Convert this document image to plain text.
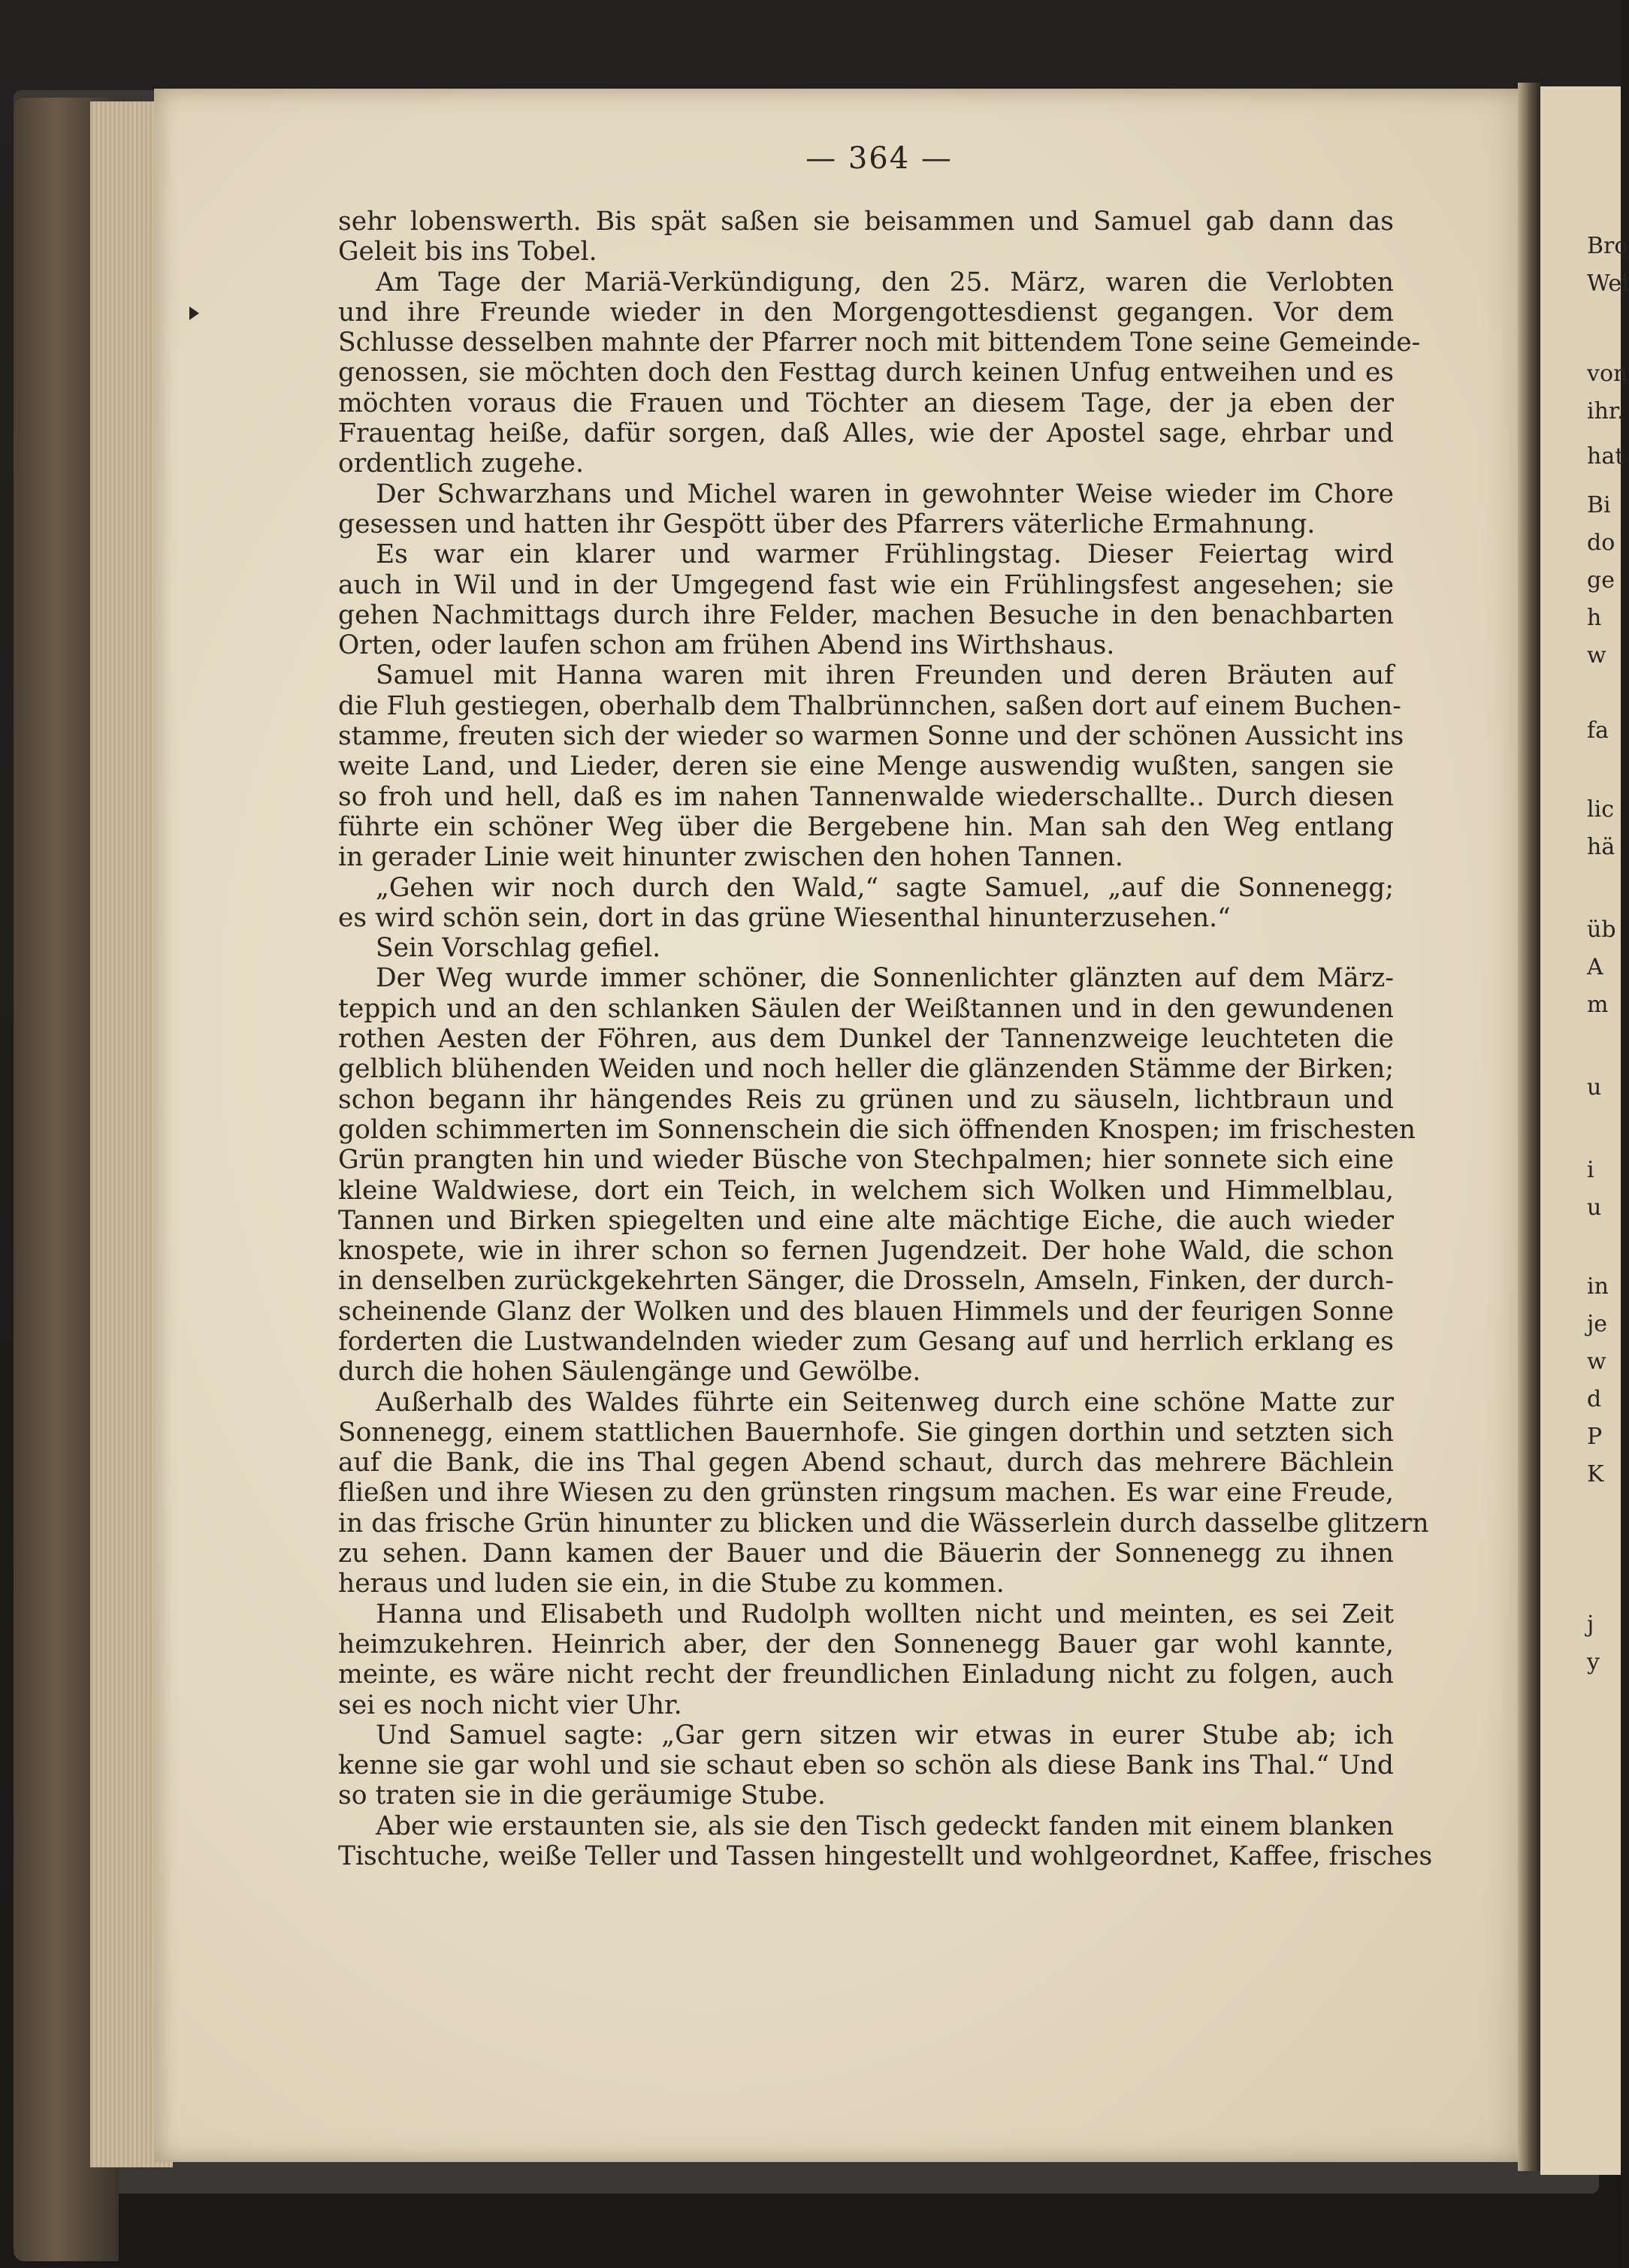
Bro
Wei
von
ihr.
hat
Bi
do
ge
h
w
fa
lic
hä
üb
A
m
u
i
u
in
je
w
d
P
K
j
y
— 364 —
sehr lobenswerth. Bis spät saßen sie beisammen und Samuel gab dann das
Geleit bis ins Tobel.
Am Tage der Mariä-Verkündigung, den 25. März, waren die Verlobten
und ihre Freunde wieder in den Morgengottesdienst gegangen. Vor dem
Schlusse desselben mahnte der Pfarrer noch mit bittendem Tone seine Gemeinde-
genossen, sie möchten doch den Festtag durch keinen Unfug entweihen und es
möchten voraus die Frauen und Töchter an diesem Tage, der ja eben der
Frauentag heiße, dafür sorgen, daß Alles, wie der Apostel sage, ehrbar und
ordentlich zugehe.
Der Schwarzhans und Michel waren in gewohnter Weise wieder im Chore
gesessen und hatten ihr Gespött über des Pfarrers väterliche Ermahnung.
Es war ein klarer und warmer Frühlingstag. Dieser Feiertag wird
auch in Wil und in der Umgegend fast wie ein Frühlingsfest angesehen; sie
gehen Nachmittags durch ihre Felder, machen Besuche in den benachbarten
Orten, oder laufen schon am frühen Abend ins Wirthshaus.
Samuel mit Hanna waren mit ihren Freunden und deren Bräuten auf
die Fluh gestiegen, oberhalb dem Thalbrünnchen, saßen dort auf einem Buchen-
stamme, freuten sich der wieder so warmen Sonne und der schönen Aussicht ins
weite Land, und Lieder, deren sie eine Menge auswendig wußten, sangen sie
so froh und hell, daß es im nahen Tannenwalde wiederschallte.. Durch diesen
führte ein schöner Weg über die Bergebene hin. Man sah den Weg entlang
in gerader Linie weit hinunter zwischen den hohen Tannen.
„Gehen wir noch durch den Wald,“ sagte Samuel, „auf die Sonnenegg;
es wird schön sein, dort in das grüne Wiesenthal hinunterzusehen.“
Sein Vorschlag gefiel.
Der Weg wurde immer schöner, die Sonnenlichter glänzten auf dem März-
teppich und an den schlanken Säulen der Weißtannen und in den gewundenen
rothen Aesten der Föhren, aus dem Dunkel der Tannenzweige leuchteten die
gelblich blühenden Weiden und noch heller die glänzenden Stämme der Birken;
schon begann ihr hängendes Reis zu grünen und zu säuseln, lichtbraun und
golden schimmerten im Sonnenschein die sich öffnenden Knospen; im frischesten
Grün prangten hin und wieder Büsche von Stechpalmen; hier sonnete sich eine
kleine Waldwiese, dort ein Teich, in welchem sich Wolken und Himmelblau,
Tannen und Birken spiegelten und eine alte mächtige Eiche, die auch wieder
knospete, wie in ihrer schon so fernen Jugendzeit. Der hohe Wald, die schon
in denselben zurückgekehrten Sänger, die Drosseln, Amseln, Finken, der durch-
scheinende Glanz der Wolken und des blauen Himmels und der feurigen Sonne
forderten die Lustwandelnden wieder zum Gesang auf und herrlich erklang es
durch die hohen Säulengänge und Gewölbe.
Außerhalb des Waldes führte ein Seitenweg durch eine schöne Matte zur
Sonnenegg, einem stattlichen Bauernhofe. Sie gingen dorthin und setzten sich
auf die Bank, die ins Thal gegen Abend schaut, durch das mehrere Bächlein
fließen und ihre Wiesen zu den grünsten ringsum machen. Es war eine Freude,
in das frische Grün hinunter zu blicken und die Wässerlein durch dasselbe glitzern
zu sehen. Dann kamen der Bauer und die Bäuerin der Sonnenegg zu ihnen
heraus und luden sie ein, in die Stube zu kommen.
Hanna und Elisabeth und Rudolph wollten nicht und meinten, es sei Zeit
heimzukehren. Heinrich aber, der den Sonnenegg Bauer gar wohl kannte,
meinte, es wäre nicht recht der freundlichen Einladung nicht zu folgen, auch
sei es noch nicht vier Uhr.
Und Samuel sagte: „Gar gern sitzen wir etwas in eurer Stube ab; ich
kenne sie gar wohl und sie schaut eben so schön als diese Bank ins Thal.“ Und
so traten sie in die geräumige Stube.
Aber wie erstaunten sie, als sie den Tisch gedeckt fanden mit einem blanken
Tischtuche, weiße Teller und Tassen hingestellt und wohlgeordnet, Kaffee, frisches
